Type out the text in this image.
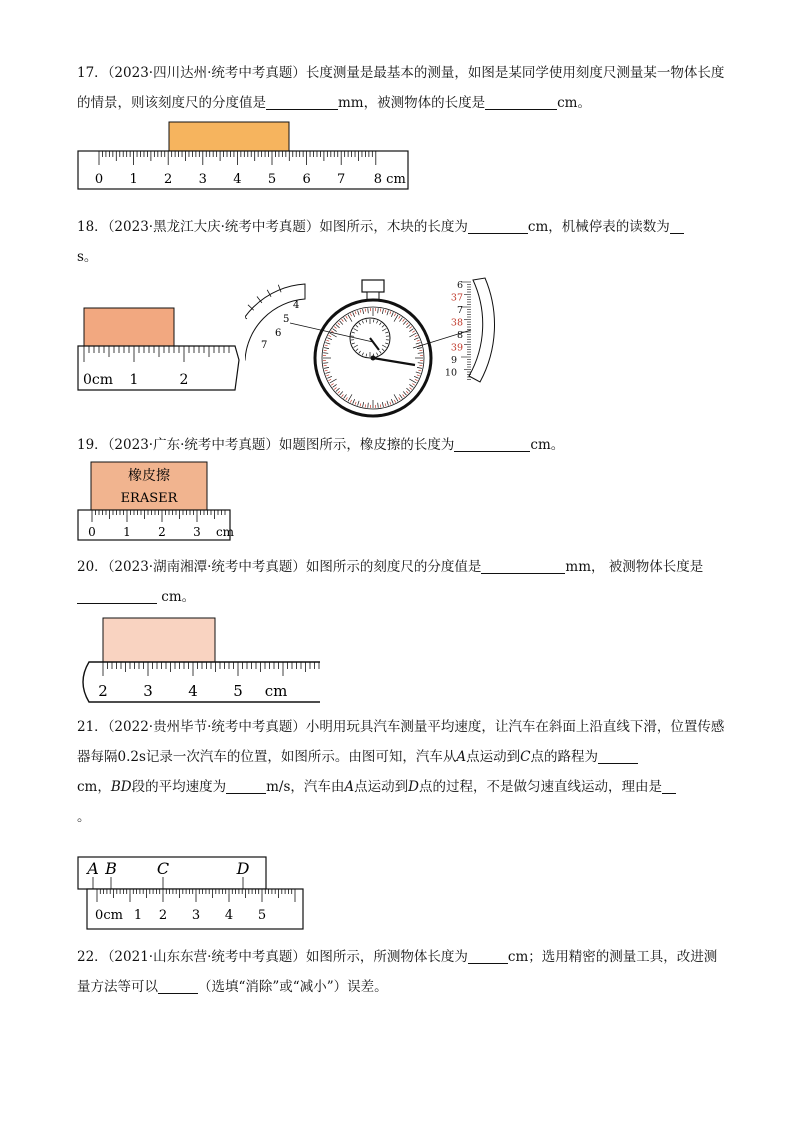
17．（2023·四川达州·统考中考真题）长度测量是最基本的测量，如图是某同学使用刻度尺测量某一物体长度的情景，则该刻度尺的分度值是	mm，被测物体的长度是	cm。

0 1 2 3 4 5 6 7 8 cm

18．（2023·黑龙江大庆·统考中考真题）如图所示，木块的长度为	cm，机械停表的读数为
s。

0cm 1	2
4
5
6
7
6
37
7
38
8
39
9
10

19．（2023·广东·统考中考真题）如题图所示，橡皮擦的长度为	cm。

橡皮擦
ERASER
0 1 2 3 cm

20．（2023·湖南湘潭·统考中考真题）如图所示的刻度尺的分度值是	mm， 被测物体长度是 cm。

2 3 4 5 cm

21．（2022·贵州毕节·统考中考真题）小明用玩具汽车测量平均速度，让汽车在斜面上沿直线下滑，位置传感器每隔0.2s记录一次汽车的位置，如图所示。由图可知，汽车从A点运动到C点的路程为
cm，BD段的平均速度为	m/s，汽车由A点运动到D点的过程，不是做匀速直线运动，理由是
。

A B C	D
0cm 1 2 3 4 5

22．（2021·山东东营·统考中考真题）如图所示，所测物体长度为	cm；选用精密的测量工具，改进测量方法等可以	（选填“消除”或“减小”）误差。
